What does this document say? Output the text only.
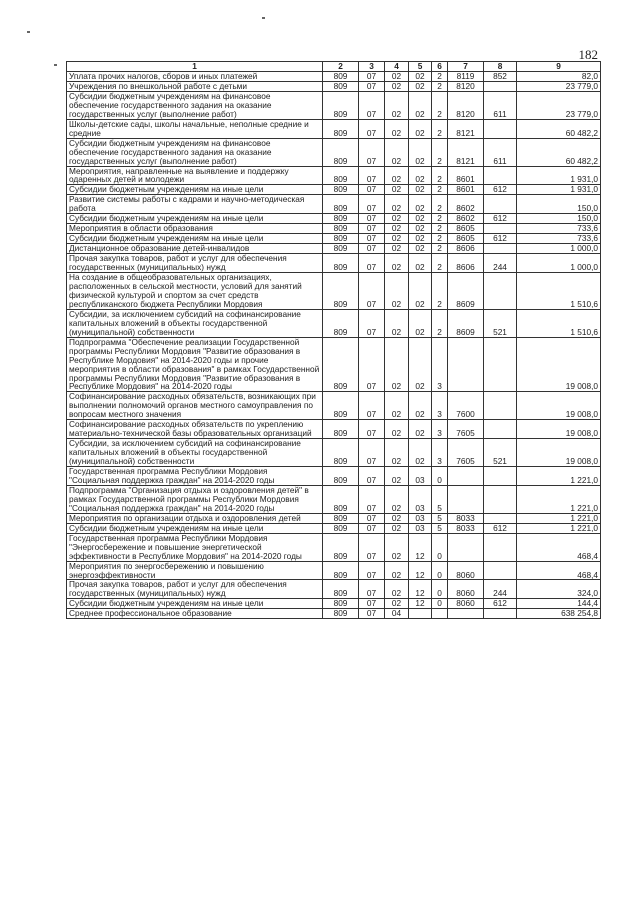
182
1	2	3	4	5	6	7	8	9
Уплата прочих налогов, сборов и иных платежей	809	07	02	02	2	8119	852	82,0
Учреждения по внешкольной работе с детьми	809	07	02	02	2	8120		23 779,0
Субсидии бюджетным учреждениям на финансовое обеспечение государственного задания на оказание государственных услуг (выполнение работ)	809	07	02	02	2	8120	611	23 779,0
Школы-детские сады, школы начальные, неполные средние и средние	809	07	02	02	2	8121		60 482,2
Субсидии бюджетным учреждениям на финансовое обеспечение государственного задания на оказание государственных услуг (выполнение работ)	809	07	02	02	2	8121	611	60 482,2
Мероприятия, направленные на выявление и поддержку одаренных детей и молодежи	809	07	02	02	2	8601		1 931,0
Субсидии бюджетным учреждениям на иные цели	809	07	02	02	2	8601	612	1 931,0
Развитие системы работы с кадрами и научно-методическая работа	809	07	02	02	2	8602		150,0
Субсидии бюджетным учреждениям на иные цели	809	07	02	02	2	8602	612	150,0
Мероприятия в области образования	809	07	02	02	2	8605		733,6
Субсидии бюджетным учреждениям на иные цели	809	07	02	02	2	8605	612	733,6
Дистанционное образование детей-инвалидов	809	07	02	02	2	8606		1 000,0
Прочая закупка товаров, работ и услуг для обеспечения государственных (муниципальных) нужд	809	07	02	02	2	8606	244	1 000,0
На создание в общеобразовательных организациях, расположенных в сельской местности, условий для занятий физической культурой и спортом за счет средств республиканского бюджета Республики Мордовия	809	07	02	02	2	8609		1 510,6
Субсидии, за исключением субсидий на софинансирование капитальных вложений в объекты государственной (муниципальной) собственности	809	07	02	02	2	8609	521	1 510,6
Подпрограмма "Обеспечение реализации Государственной программы Республики Мордовия "Развитие образования в Республике Мордовия" на 2014-2020 годы и прочие мероприятия в области образования" в рамках Государственной программы Республики Мордовия "Развитие образования в Республике Мордовия" на 2014-2020 годы	809	07	02	02	3			19 008,0
Софинансирование расходных обязательств, возникающих при выполнении полномочий органов местного самоуправления по вопросам местного значения	809	07	02	02	3	7600		19 008,0
Софинансирование расходных обязательств по укреплению материально-технической базы образовательных организаций	809	07	02	02	3	7605		19 008,0
Субсидии, за исключением субсидий на софинансирование капитальных вложений в объекты государственной (муниципальной) собственности	809	07	02	02	3	7605	521	19 008,0
Государственная программа Республики Мордовия "Социальная поддержка граждан" на 2014-2020 годы	809	07	02	03	0			1 221,0
Подпрограмма "Организация отдыха и оздоровления детей" в рамках Государственной программы Республики Мордовия "Социальная поддержка граждан" на 2014-2020 годы	809	07	02	03	5			1 221,0
Мероприятия по организации отдыха и оздоровления детей	809	07	02	03	5	8033		1 221,0
Субсидии бюджетным учреждениям на иные цели	809	07	02	03	5	8033	612	1 221,0
Государственная программа Республики Мордовия "Энергосбережение и повышение энергетической эффективности в Республике Мордовия" на 2014-2020 годы	809	07	02	12	0			468,4
Мероприятия по энергосбережению и повышению энергоэффективности	809	07	02	12	0	8060		468,4
Прочая закупка товаров, работ и услуг для обеспечения государственных (муниципальных) нужд	809	07	02	12	0	8060	244	324,0
Субсидии бюджетным учреждениям на иные цели	809	07	02	12	0	8060	612	144,4
Среднее профессиональное образование	809	07	04					638 254,8
